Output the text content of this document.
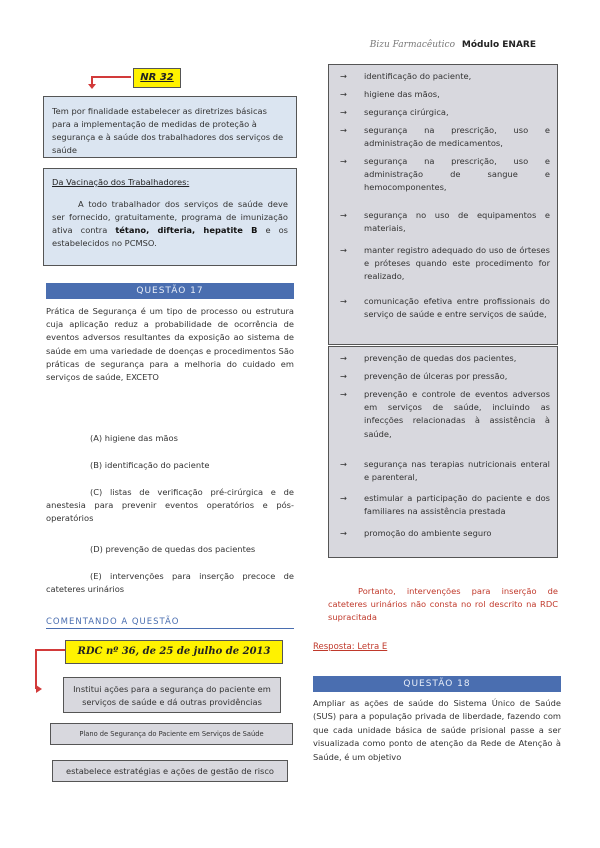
Bizu Farmacêutico Módulo ENARE
NR 32
Tem por finalidade estabelecer as diretrizes básicas para a implementação de medidas de proteção à segurança e à saúde dos trabalhadores dos serviços de saúde
Da Vacinação dos Trabalhadores:
A todo trabalhador dos serviços de saúde deve ser fornecido, gratuitamente, programa de imunização ativa contra tétano, difteria, hepatite B e os estabelecidos no PCMSO.
QUESTÃO 17
Prática de Segurança é um tipo de processo ou estrutura cuja aplicação reduz a probabilidade de ocorrência de eventos adversos resultantes da exposição ao sistema de saúde em uma variedade de doenças e procedimentos São práticas de segurança para a melhoria do cuidado em serviços de saúde, EXCETO
(A) higiene das mãos
(B) identificação do paciente
(C) listas de verificação pré-cirúrgica e de anestesia para prevenir eventos operatórios e pós-operatórios
(D) prevenção de quedas dos pacientes
(E) intervenções para inserção precoce de cateteres urinários
COMENTANDO A QUESTÃO
RDC nº 36, de 25 de julho de 2013
Institui ações para a segurança do paciente em serviços de saúde e dá outras providências
Plano de Segurança do Paciente em Serviços de Saúde
estabelece estratégias e ações de gestão de risco
→ identificação do paciente,
→ higiene das mãos,
→ segurança cirúrgica,
→ segurança na prescrição, uso e administração de medicamentos,
→ segurança na prescrição, uso e administração de sangue e hemocomponentes,
→ segurança no uso de equipamentos e materiais,
→ manter registro adequado do uso de órteses e próteses quando este procedimento for realizado,
→ comunicação efetiva entre profissionais do serviço de saúde e entre serviços de saúde,
→ prevenção de quedas dos pacientes,
→ prevenção de úlceras por pressão,
→ prevenção e controle de eventos adversos em serviços de saúde, incluindo as infecções relacionadas à assistência à saúde,
→ segurança nas terapias nutricionais enteral e parenteral,
→ estimular a participação do paciente e dos familiares na assistência prestada
→ promoção do ambiente seguro
Portanto, intervenções para inserção de cateteres urinários não consta no rol descrito na RDC supracitada
Resposta: Letra E
QUESTÃO 18
Ampliar as ações de saúde do Sistema Único de Saúde (SUS) para a população privada de liberdade, fazendo com que cada unidade básica de saúde prisional passe a ser visualizada como ponto de atenção da Rede de Atenção à Saúde, é um objetivo
